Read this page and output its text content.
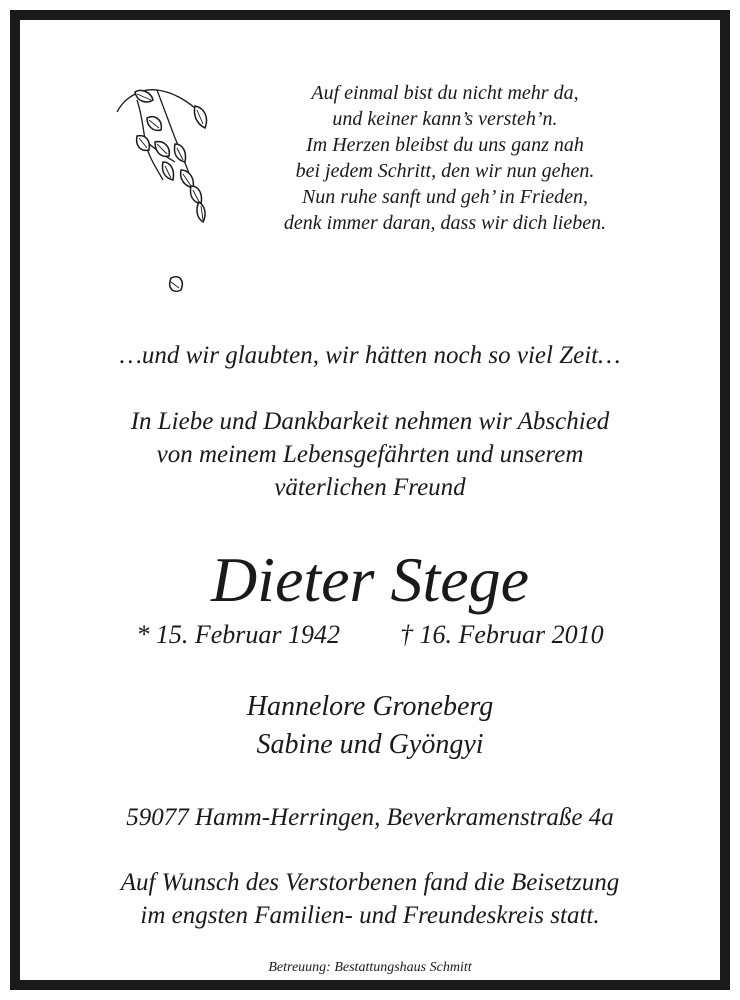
Auf einmal bist du nicht mehr da,
und keiner kann’s versteh’n.
Im Herzen bleibst du uns ganz nah
bei jedem Schritt, den wir nun gehen.
Nun ruhe sanft und geh’ in Frieden,
denk immer daran, dass wir dich lieben.
…und wir glaubten, wir hätten noch so viel Zeit…
In Liebe und Dankbarkeit nehmen wir Abschied
von meinem Lebensgefährten und unserem
väterlichen Freund
Dieter Stege
* 15. Februar 1942 † 16. Februar 2010
Hannelore Groneberg
Sabine und Gyöngyi
59077 Hamm-Herringen, Beverkramenstraße 4a
Auf Wunsch des Verstorbenen fand die Beisetzung
im engsten Familien- und Freundeskreis statt.
Betreuung: Bestattungshaus Schmitt
